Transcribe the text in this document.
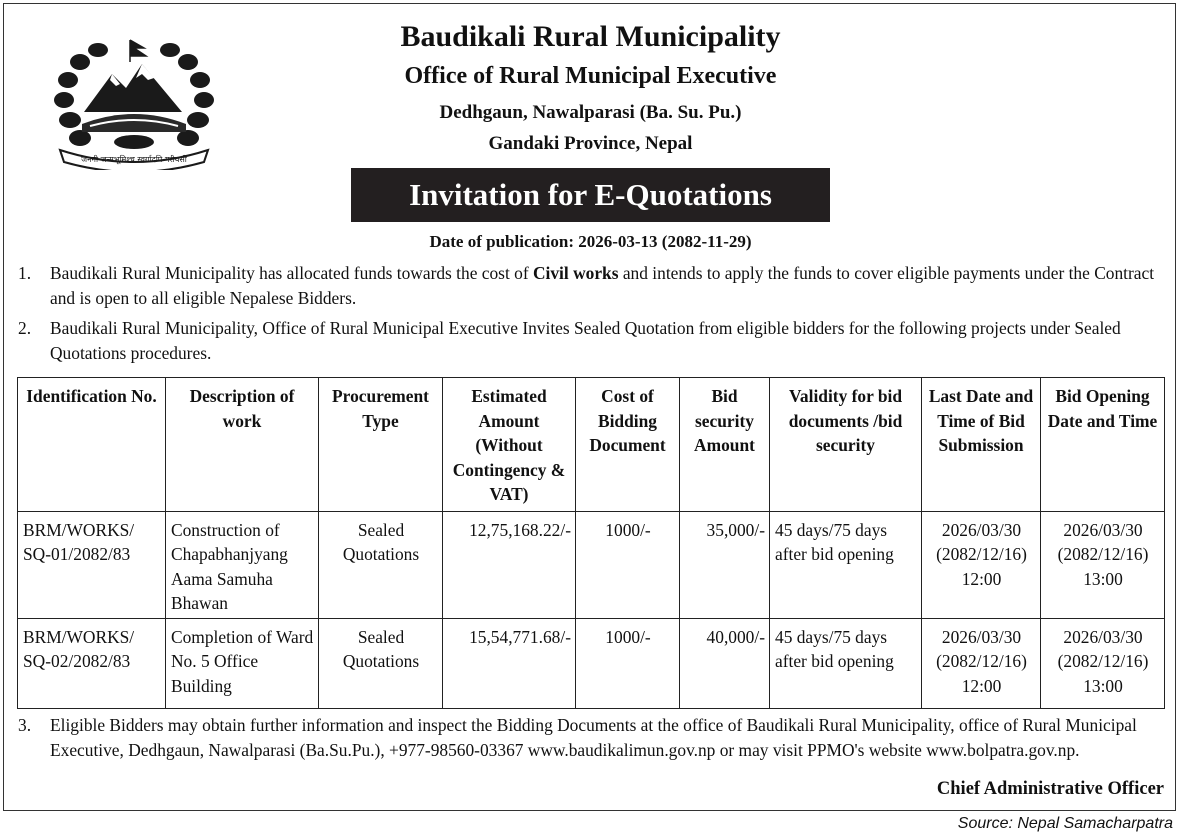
जननी जन्मभूमिश्च स्वर्गादपि गरीयसी
Baudikali Rural Municipality
Office of Rural Municipal Executive
Dedhgaun, Nawalparasi (Ba. Su. Pu.)
Gandaki Province, Nepal
Invitation for E-Quotations
Date of publication: 2026-03-13 (2082-11-29)
1. Baudikali Rural Municipality has allocated funds towards the cost of Civil works and intends to apply the funds to cover eligible payments under the Contract and is open to all eligible Nepalese Bidders.
2. Baudikali Rural Municipality, Office of Rural Municipal Executive Invites Sealed Quotation from eligible bidders for the following projects under Sealed Quotations procedures.
Identification No.	Description of work	Procurement Type	Estimated Amount (Without Contingency & VAT)	Cost of Bidding Document	Bid security Amount	Validity for bid documents /bid security	Last Date and Time of Bid Submission	Bid Opening Date and Time
BRM/WORKS/ SQ-01/2082/83	Construction of Chapabhanjyang Aama Samuha Bhawan	Sealed Quotations	12,75,168.22/-	1000/-	35,000/-	45 days/75 days after bid opening	2026/03/30 (2082/12/16) 12:00	2026/03/30 (2082/12/16) 13:00
BRM/WORKS/ SQ-02/2082/83	Completion of Ward No. 5 Office Building	Sealed Quotations	15,54,771.68/-	1000/-	40,000/-	45 days/75 days after bid opening	2026/03/30 (2082/12/16) 12:00	2026/03/30 (2082/12/16) 13:00
3. Eligible Bidders may obtain further information and inspect the Bidding Documents at the office of Baudikali Rural Municipality, office of Rural Municipal Executive, Dedhgaun, Nawalparasi (Ba.Su.Pu.), +977-98560-03367 www.baudikalimun.gov.np or may visit PPMO's website www.bolpatra.gov.np.
Chief Administrative Officer
Source: Nepal Samacharpatra
